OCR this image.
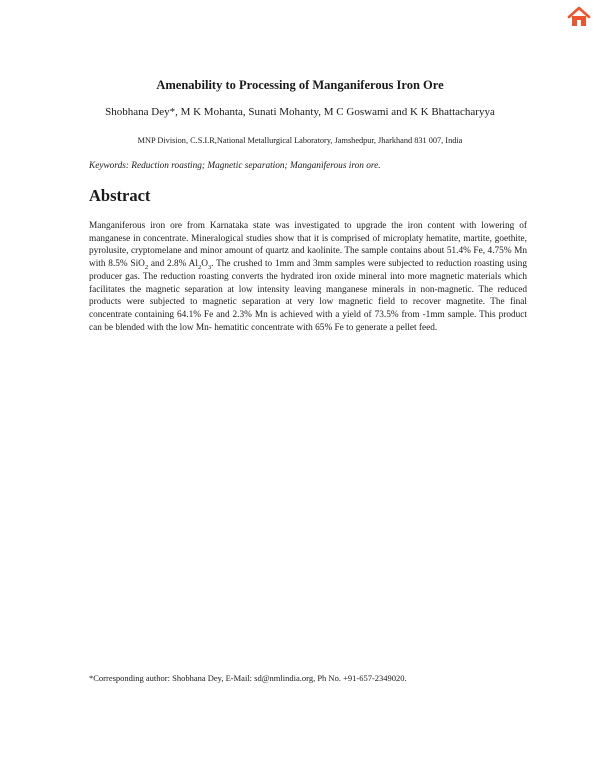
Amenability to Processing of Manganiferous Iron Ore

Shobhana Dey*, M K Mohanta, Sunati Mohanty, M C Goswami and K K Bhattacharyya

MNP Division, C.S.I.R,National Metallurgical Laboratory, Jamshedpur, Jharkhand 831 007, India

Keywords: Reduction roasting; Magnetic separation; Manganiferous iron ore.

Abstract

Manganiferous iron ore from Karnataka state was investigated to upgrade the iron content with lowering of manganese in concentrate. Mineralogical studies show that it is comprised of microplaty hematite, martite, goethite, pyrolusite, cryptomelane and minor amount of quartz and kaolinite. The sample contains about 51.4% Fe, 4.75% Mn with 8.5% SiO$_2$ and 2.8% $Al_2O_3$. The crushed to 1mm and 3mm samples were subjected to reduction roasting using producer gas. The reduction roasting converts the hydrated iron oxide mineral into more magnetic materials which facilitates the magnetic separation at low intensity leaving manganese minerals in non-magnetic. The reduced products were subjected to magnetic separation at very low magnetic field to recover magnetite. The final concentrate containing 64.1% Fe and 2.3% Mn is achieved with a yield of 73.5% from -1mm sample. This product can be blended with the low Mn- hematitic concentrate with 65% Fe to generate a pellet feed.

*Corresponding author: Shobhana Dey, E-Mail: sd@nmlindia.org, Ph No. +91-657-2349020.
